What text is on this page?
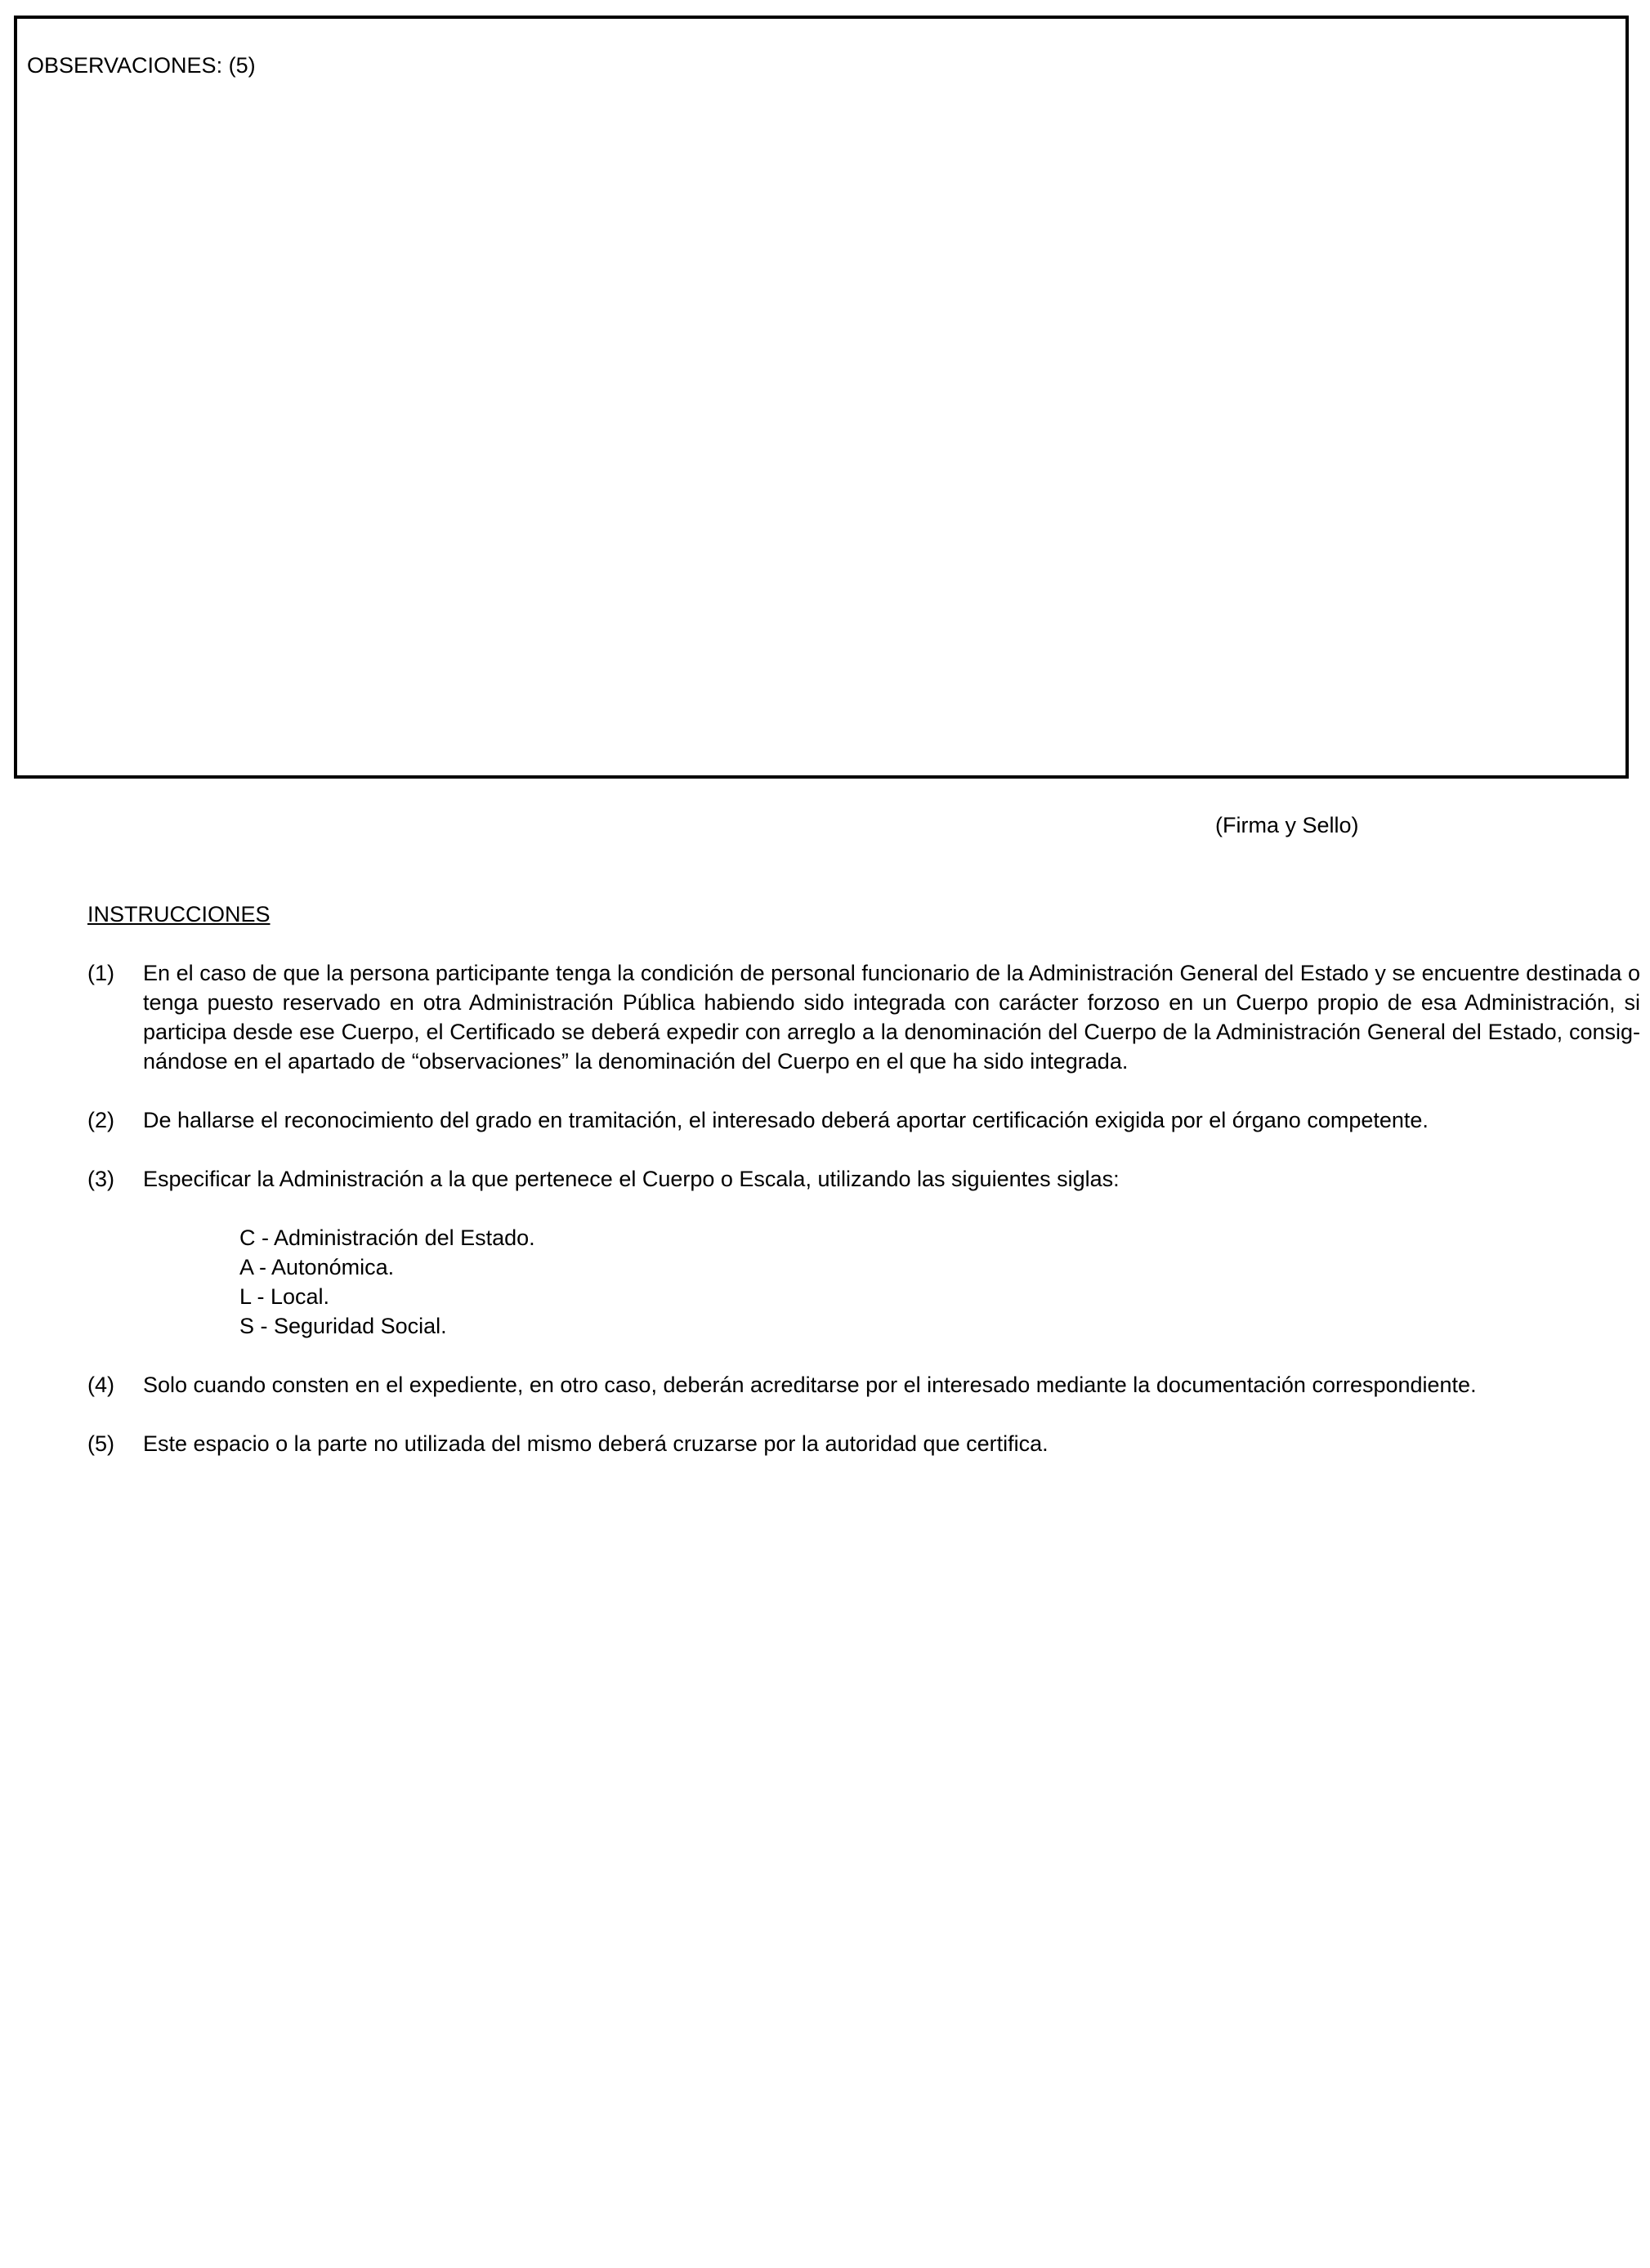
OBSERVACIONES: (5)
(Firma y Sello)
INSTRUCCIONES
(1)	En el caso de que la persona participante tenga la condición de personal funcionario de la Administración General del Estado y se encuentre destinada o tenga puesto reservado en otra Administración Pública habiendo sido integrada con carácter forzoso en un Cuerpo propio de esa Administración, si participa desde ese Cuerpo, el Certificado se deberá expedir con arreglo a la denominación del Cuerpo de la Administración General del Estado, consignándose en el apartado de “observaciones” la denominación del Cuerpo en el que ha sido integrada.
(2)	De hallarse el reconocimiento del grado en tramitación, el interesado deberá aportar certificación exigida por el órgano competente.
(3)	Especificar la Administración a la que pertenece el Cuerpo o Escala, utilizando las siguientes siglas:
C - Administración del Estado.
A - Autonómica.
L - Local.
S - Seguridad Social.
(4)	Solo cuando consten en el expediente, en otro caso, deberán acreditarse por el interesado mediante la documentación correspondiente.
(5)	Este espacio o la parte no utilizada del mismo deberá cruzarse por la autoridad que certifica.
